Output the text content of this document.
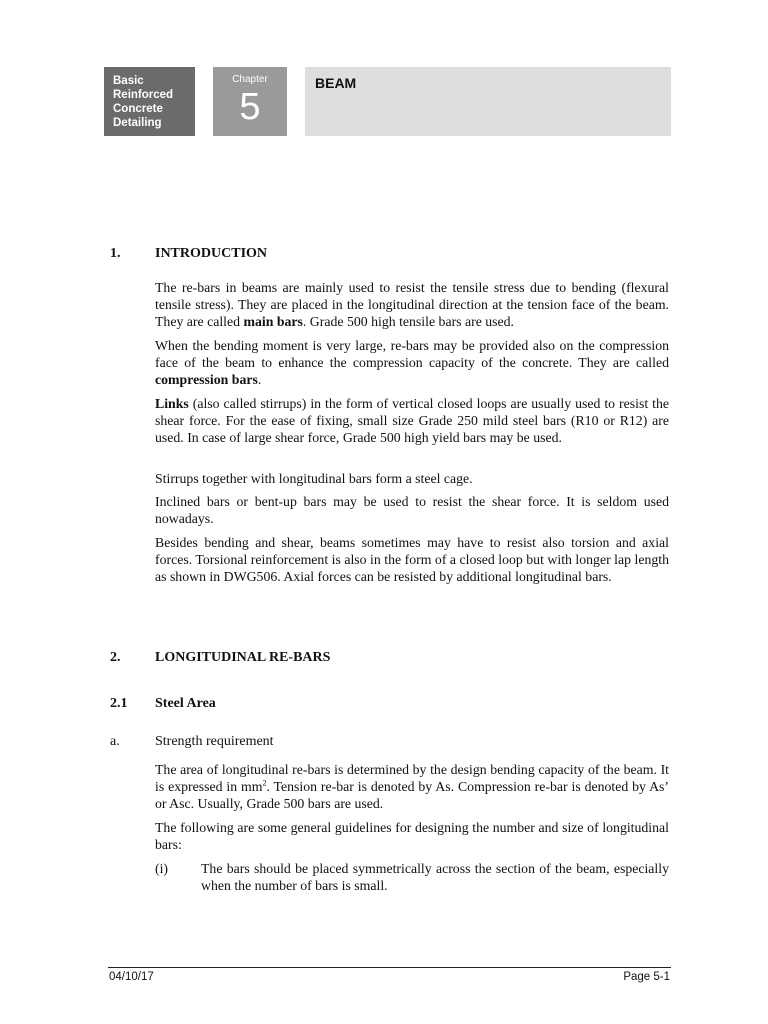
Basic
Reinforced
Concrete
Detailing
Chapter
5
BEAM
1. INTRODUCTION

The re-bars in beams are mainly used to resist the tensile stress due to bending (flexural tensile stress). They are placed in the longitudinal direction at the tension face of the beam. They are called main bars. Grade 500 high tensile bars are used.

When the bending moment is very large, re-bars may be provided also on the compression face of the beam to enhance the compression capacity of the concrete. They are called compression bars.

Links (also called stirrups) in the form of vertical closed loops are usually used to resist the shear force. For the ease of fixing, small size Grade 250 mild steel bars (R10 or R12) are used. In case of large shear force, Grade 500 high yield bars may be used.

Stirrups together with longitudinal bars form a steel cage.

Inclined bars or bent-up bars may be used to resist the shear force. It is seldom used nowadays.

Besides bending and shear, beams sometimes may have to resist also torsion and axial forces. Torsional reinforcement is also in the form of a closed loop but with longer lap length as shown in DWG506. Axial forces can be resisted by additional longitudinal bars.

2. LONGITUDINAL RE-BARS
2.1 Steel Area
a.	Strength requirement

The area of longitudinal re-bars is determined by the design bending capacity of the beam. It is expressed in $mm^2$. Tension re-bar is denoted by As. Compression re-bar is denoted by As’ or Asc. Usually, Grade 500 bars are used.

The following are some general guidelines for designing the number and size of longitudinal bars:

(i) The bars should be placed symmetrically across the section of the beam, especially when the number of bars is small.

04/10/17	Page 5-1
